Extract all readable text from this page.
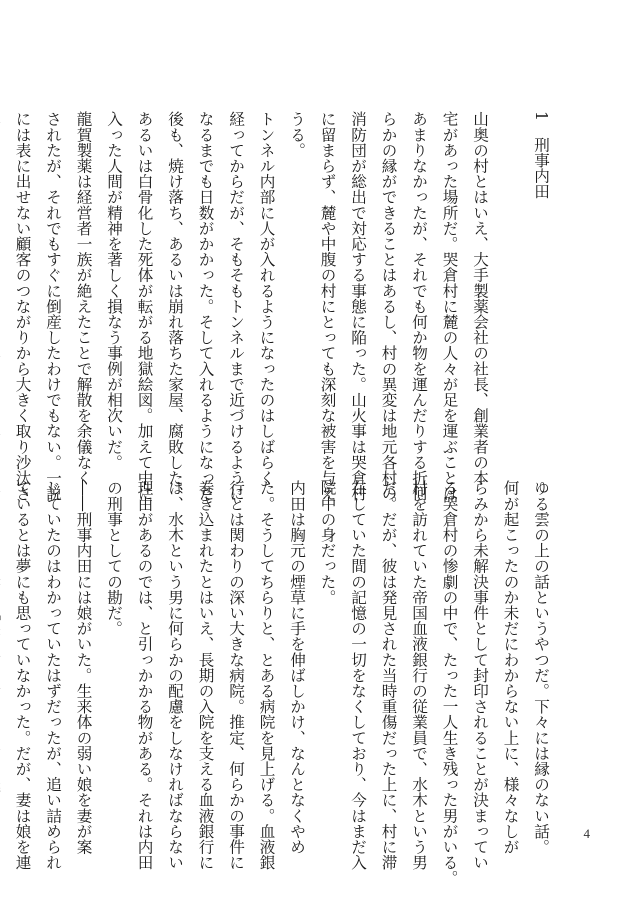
1　刑事内田

山奥の村とはいえ、大手製薬会社の社長、創業者の本
宅があった場所だ。哭倉村に麓の人々が足を運ぶことは
あまりなかったが、それでも何か物を運んだりする折何
らかの縁ができることはあるし、村の異変は地元各村の
消防団が総出で対応する事態に陥った。山火事は哭倉村
に留まらず、麓や中腹の村にとっても深刻な被害を与え
うる。
トンネル内部に人が入れるようになったのはしばらく
経ってからだが、そもそもトンネルまで近づけるように
なるまでも日数がかかった。そして入れるようになった
後も、焼け落ち、あるいは崩れ落ちた家屋、腐敗した、
あるいは白骨化した死体が転がる地獄絵図。加えて中に
入った人間が精神を著しく損なう事例が相次いだ。
龍賀製薬は経営者一族が絶えたことで解散を余儀なく
されたが、それでもすぐに倒産したわけでもない。一説
には表に出せない顧客のつながりから大きく取り沙汰さ
ゆる雲の上の話というやつだ。下々には縁のない話。
何が起こったのか未だにわからない上に、様々なしが
らみから未解決事件として封印されることが決まってい
る哭倉村の惨劇の中で、たった一人生き残った男がいる。
村を訪れていた帝国血液銀行の従業員で、水木という男
だ。だが、彼は発見された当時重傷だった上に、村に滞
在していた間の記憶の一切をなくしており、今はまだ入
院中の身だった。
内田は胸元の煙草に手を伸ばしかけ、なんとなくやめ
た。そうしてちらりと、とある病院を見上げる。血液銀
行とは関わりの深い大きな病院。推定、何らかの事件に
巻き込まれたとはいえ、長期の入院を支える血液銀行に
は、水木という男に何らかの配慮をしなければならない
理由があるのでは、と引っかかる物がある。それは内田
の刑事としての勘だ。
――刑事内田には娘がいた。生来体の弱い娘を妻が案
じていたのはわかっていたはずだったが、追い詰められ
ているとは夢にも思っていなかった。だが、妻は娘を連	4
